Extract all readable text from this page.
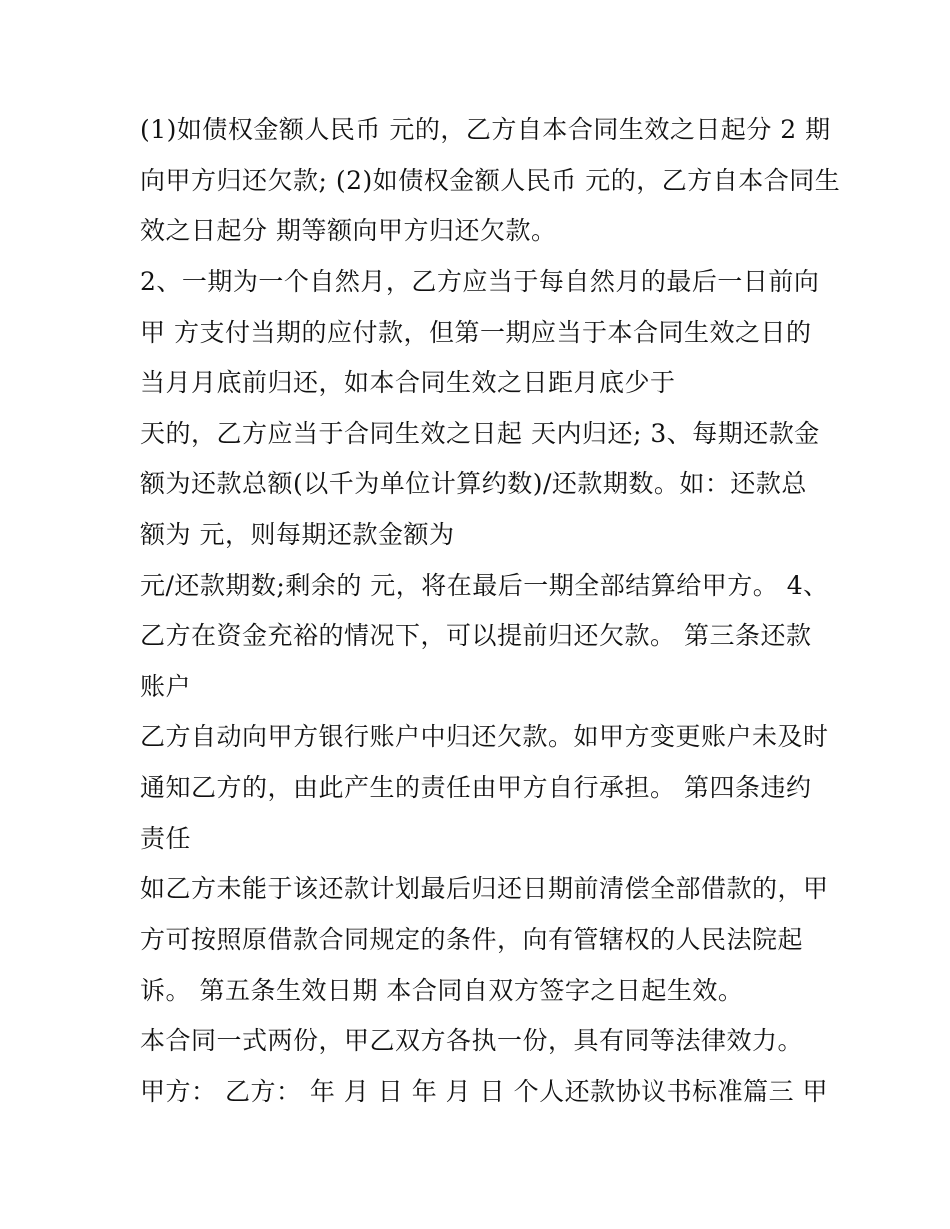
(1)如债权金额人民币 元的，乙方自本合同生效之日起分 2 期
向甲方归还欠款; (2)如债权金额人民币 元的，乙方自本合同生
效之日起分 期等额向甲方归还欠款。
2、一期为一个自然月，乙方应当于每自然月的最后一日前向
甲 方支付当期的应付款，但第一期应当于本合同生效之日的
当月月底前归还，如本合同生效之日距月底少于
天的，乙方应当于合同生效之日起 天内归还; 3、每期还款金
额为还款总额(以千为单位计算约数)/还款期数。如：还款总
额为 元，则每期还款金额为
元/还款期数;剩余的 元，将在最后一期全部结算给甲方。 4、
乙方在资金充裕的情况下，可以提前归还欠款。 第三条还款
账户
乙方自动向甲方银行账户中归还欠款。如甲方变更账户未及时
通知乙方的，由此产生的责任由甲方自行承担。 第四条违约
责任
如乙方未能于该还款计划最后归还日期前清偿全部借款的，甲
方可按照原借款合同规定的条件，向有管辖权的人民法院起
诉。 第五条生效日期 本合同自双方签字之日起生效。
本合同一式两份，甲乙双方各执一份，具有同等法律效力。
甲方： 乙方： 年 月 日 年 月 日 个人还款协议书标准篇三 甲
